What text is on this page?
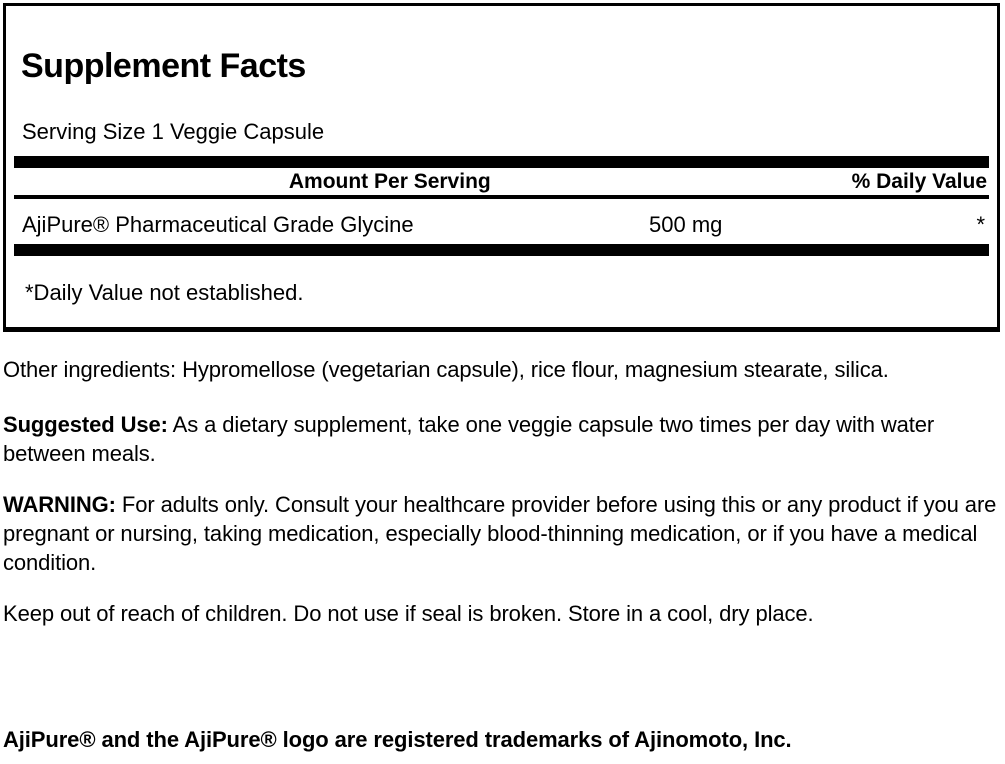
Supplement Facts

Serving Size 1 Veggie Capsule

Amount Per Serving	% Daily Value
AjiPure® Pharmaceutical Grade Glycine	500 mg	*

*Daily Value not established.

Other ingredients: Hypromellose (vegetarian capsule), rice flour, magnesium stearate, silica.

Suggested Use: As a dietary supplement, take one veggie capsule two times per day with water between meals.

WARNING: For adults only. Consult your healthcare provider before using this or any product if you are pregnant or nursing, taking medication, especially blood-thinning medication, or if you have a medical condition.

Keep out of reach of children. Do not use if seal is broken. Store in a cool, dry place.

AjiPure® and the AjiPure® logo are registered trademarks of Ajinomoto, Inc.
